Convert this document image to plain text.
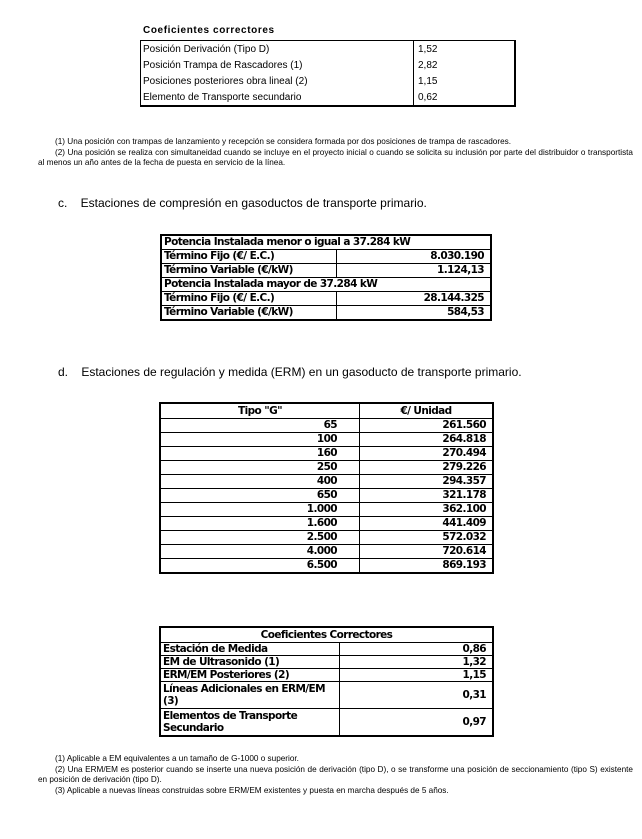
Coeficientes correctores
Posición Derivación (Tipo D)	1,52
Posición Trampa de Rascadores (1)	2,82
Posiciones posteriores obra lineal (2)	1,15
Elemento de Transporte secundario	0,62
(1) Una posición con trampas de lanzamiento y recepción se considera formada por dos posiciones de trampa de rascadores.
(2) Una posición se realiza con simultaneidad cuando se incluye en el proyecto inicial o cuando se solicita su inclusión por parte del distribuidor o transportista al menos un año antes de la fecha de puesta en servicio de la línea.
c.    Estaciones de compresión en gasoductos de transporte primario.
Potencia Instalada menor o igual a 37.284 kW	
Término Fijo (€/ E.C.)	8.030.190
Término Variable (€/kW)	1.124,13
Potencia Instalada mayor de 37.284 kW	
Término Fijo (€/ E.C.)	28.144.325
Término Variable (€/kW)	584,53
d.    Estaciones de regulación y medida (ERM) en un gasoducto de transporte primario.
Tipo "G"	€/ Unidad
65	261.560
100	264.818
160	270.494
250	279.226
400	294.357
650	321.178
1.000	362.100
1.600	441.409
2.500	572.032
4.000	720.614
6.500	869.193
Coeficientes Correctores	
Estación de Medida	0,86
EM de Ultrasonido (1)	1,32
ERM/EM Posteriores (2)	1,15
Líneas Adicionales en ERM/EM (3)	0,31
Elementos de Transporte Secundario	0,97
(1) Aplicable a EM equivalentes a un tamaño de G-1000 o superior.
(2) Una ERM/EM es posterior cuando se inserte una nueva posición de derivación (tipo D), o se transforme una posición de seccionamiento (tipo S) existente en posición de derivación (tipo D).
(3) Aplicable a nuevas líneas construidas sobre ERM/EM existentes y puesta en marcha después de 5 años.
